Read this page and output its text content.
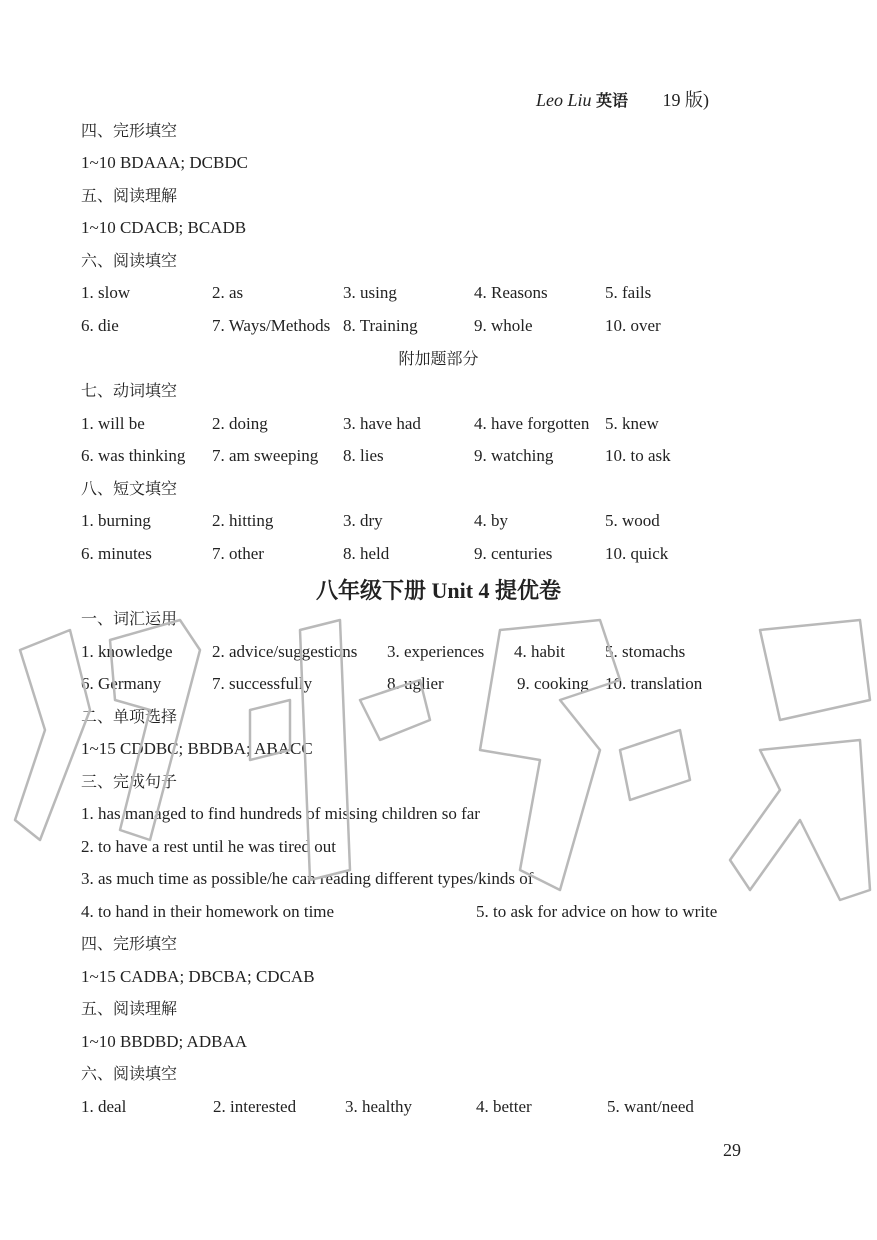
Leo Liu 英语 19 版)
四、完形填空
1~10 BDAAA; DCBDC
五、阅读理解
1~10 CDACB; BCADB
六、阅读填空
1. slow	2. as	3. using	4. Reasons	5. fails
6. die	7. Ways/Methods 8. Training	9. whole	10. over
附加题部分
七、动词填空
1. will be	2. doing	3. have had	4. have forgotten 5. knew
6. was thinking 7. am sweeping 8. lies	9. watching	10. to ask
八、短文填空
1. burning	2. hitting	3. dry	4. by	5. wood
6. minutes	7. other	8. held	9. centuries	10. quick
八年级下册 Unit 4 提优卷
一、词汇运用
1. knowledge 2. advice/suggestions 3. experiences 4. habit 5. stomachs
6. Germany	7. successfully	8. uglier	9. cooking 10. translation
二、单项选择
1~15 CDDBC; BBDBA; ABACC
三、完成句子
1. has managed to find hundreds of missing children so far
2. to have a rest until he was tired out
3. as much time as possible/he can reading different types/kinds of
4. to hand in their homework on time	5. to ask for advice on how to write
四、完形填空
1~15 CADBA; DBCBA; CDCAB
五、阅读理解
1~10 BBDBD; ADBAA
六、阅读填空
1. deal	2. interested	3. healthy	4. better	5. want/need
29
